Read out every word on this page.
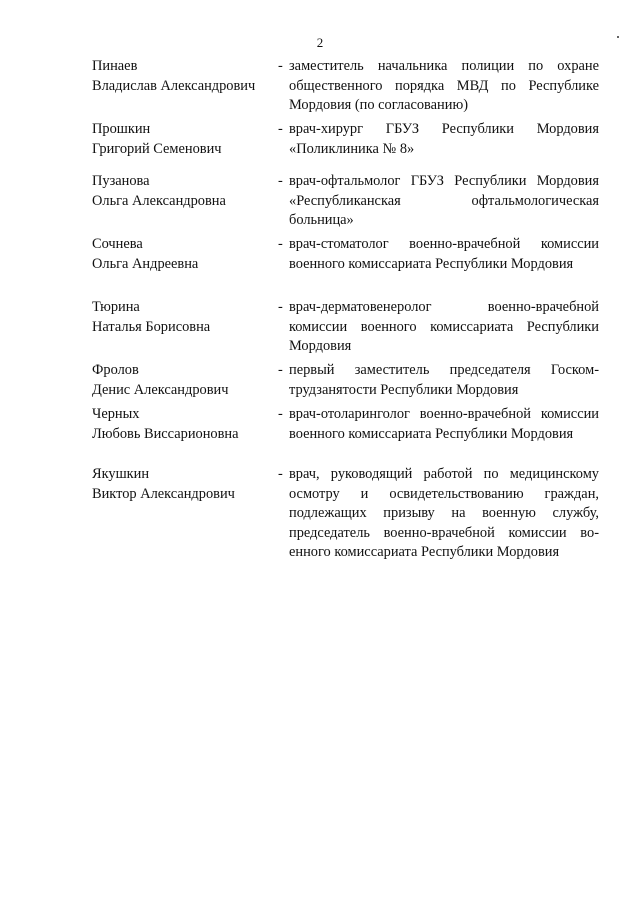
2
Пинаев
Владислав Александрович
- заместитель начальника полиции по охране общественного порядка МВД по Республике Мордовия (по согласованию)
Прошкин
Григорий Семенович
- врач-хирург ГБУЗ Республики Мордовия «Поликлиника № 8»
Пузанова
Ольга Александровна
- врач-офтальмолог ГБУЗ Республики Мордовия «Республиканская офтальмологическая больница»
Сочнева
Ольга Андреевна
- врач-стоматолог военно-врачебной комиссии военного комиссариата Республики Мордовия
Тюрина
Наталья Борисовна
- врач-дерматовенеролог военно-врачебной комиссии военного комиссариата Республики Мордовия
Фролов
Денис Александрович
- первый заместитель председателя Госкомтрудзанятости Республики Мордовия
Черных
Любовь Виссарионовна
- врач-отоларинголог военно-врачебной комиссии военного комиссариата Республики Мордовия
Якушкин
Виктор Александрович
- врач, руководящий работой по медицинскому осмотру и освидетельствованию граждан, подлежащих призыву на военную службу, председатель военно-врачебной комиссии военного комиссариата Республики Мордовия
